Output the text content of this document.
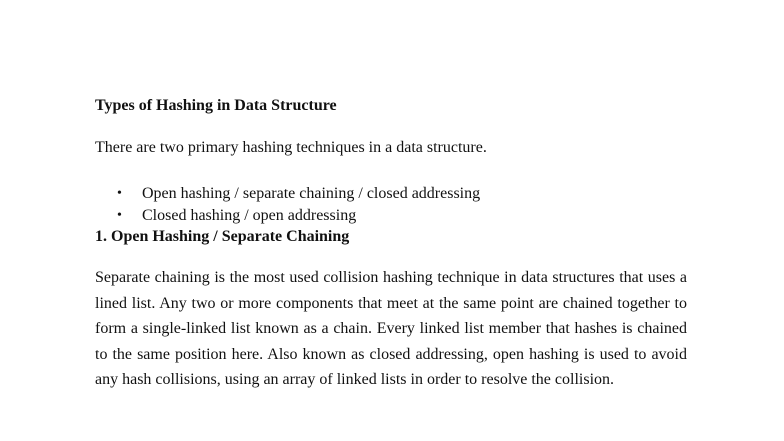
Types of Hashing in Data Structure
There are two primary hashing techniques in a data structure.
• Open hashing / separate chaining / closed addressing
• Closed hashing / open addressing
1. Open Hashing / Separate Chaining

Separate chaining is the most used collision hashing technique in data structures that uses a lined list. Any two or more components that meet at the same point are chained together to form a single-linked list known as a chain. Every linked list member that hashes is chained to the same position here. Also known as closed addressing, open hashing is used to avoid any hash collisions, using an array of linked lists in order to resolve the collision.
